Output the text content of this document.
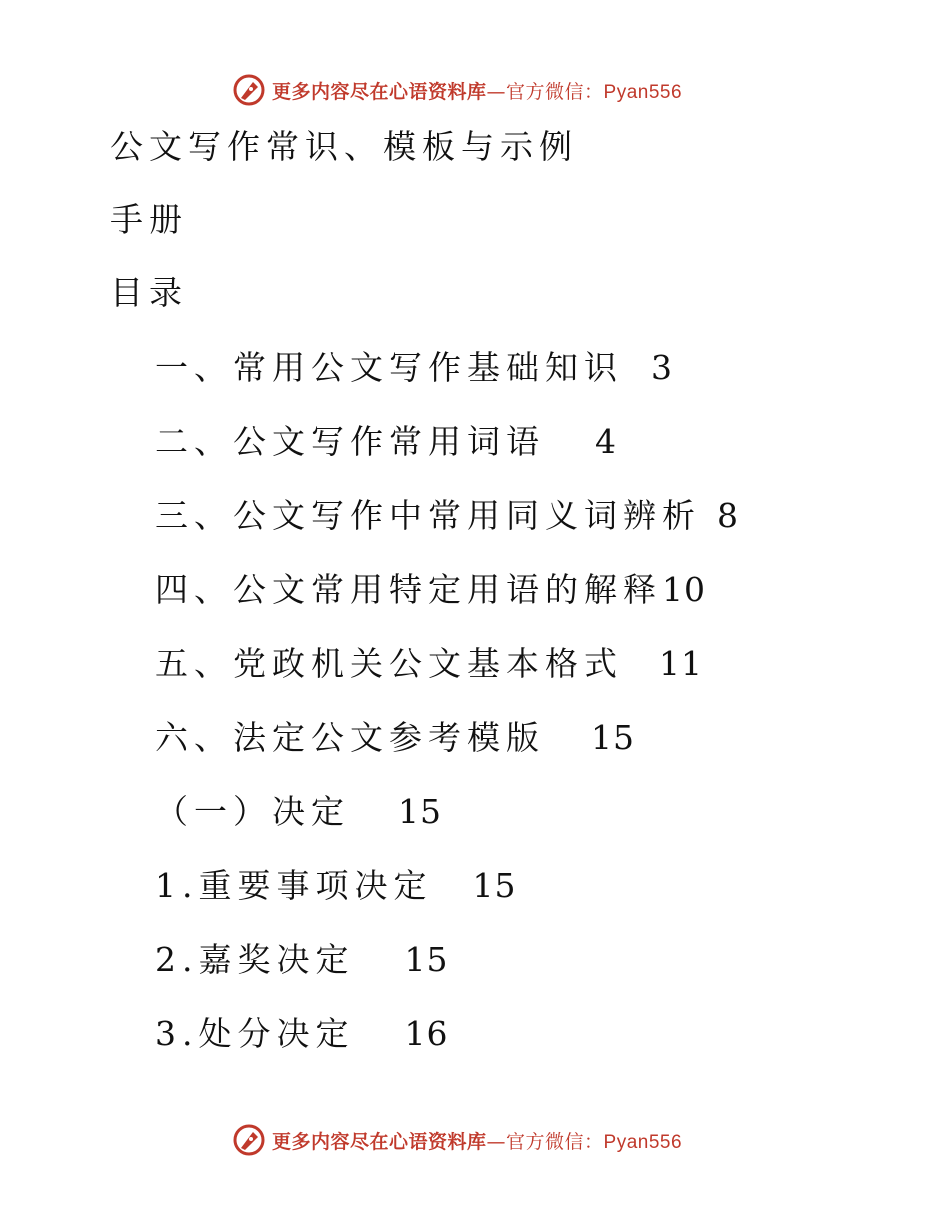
更多内容尽在心语资料库—官方微信：Pyan556
公文写作常识、模板与示例
手册
目录
一、常用公文写作基础知识 3
二、公文写作常用词语 4
三、公文写作中常用同义词辨析 8
四、公文常用特定用语的解释10
五、党政机关公文基本格式 11
六、法定公文参考模版 15
（一）决定 15
1.重要事项决定 15
2.嘉奖决定 15
3.处分决定 16
更多内容尽在心语资料库—官方微信：Pyan556
